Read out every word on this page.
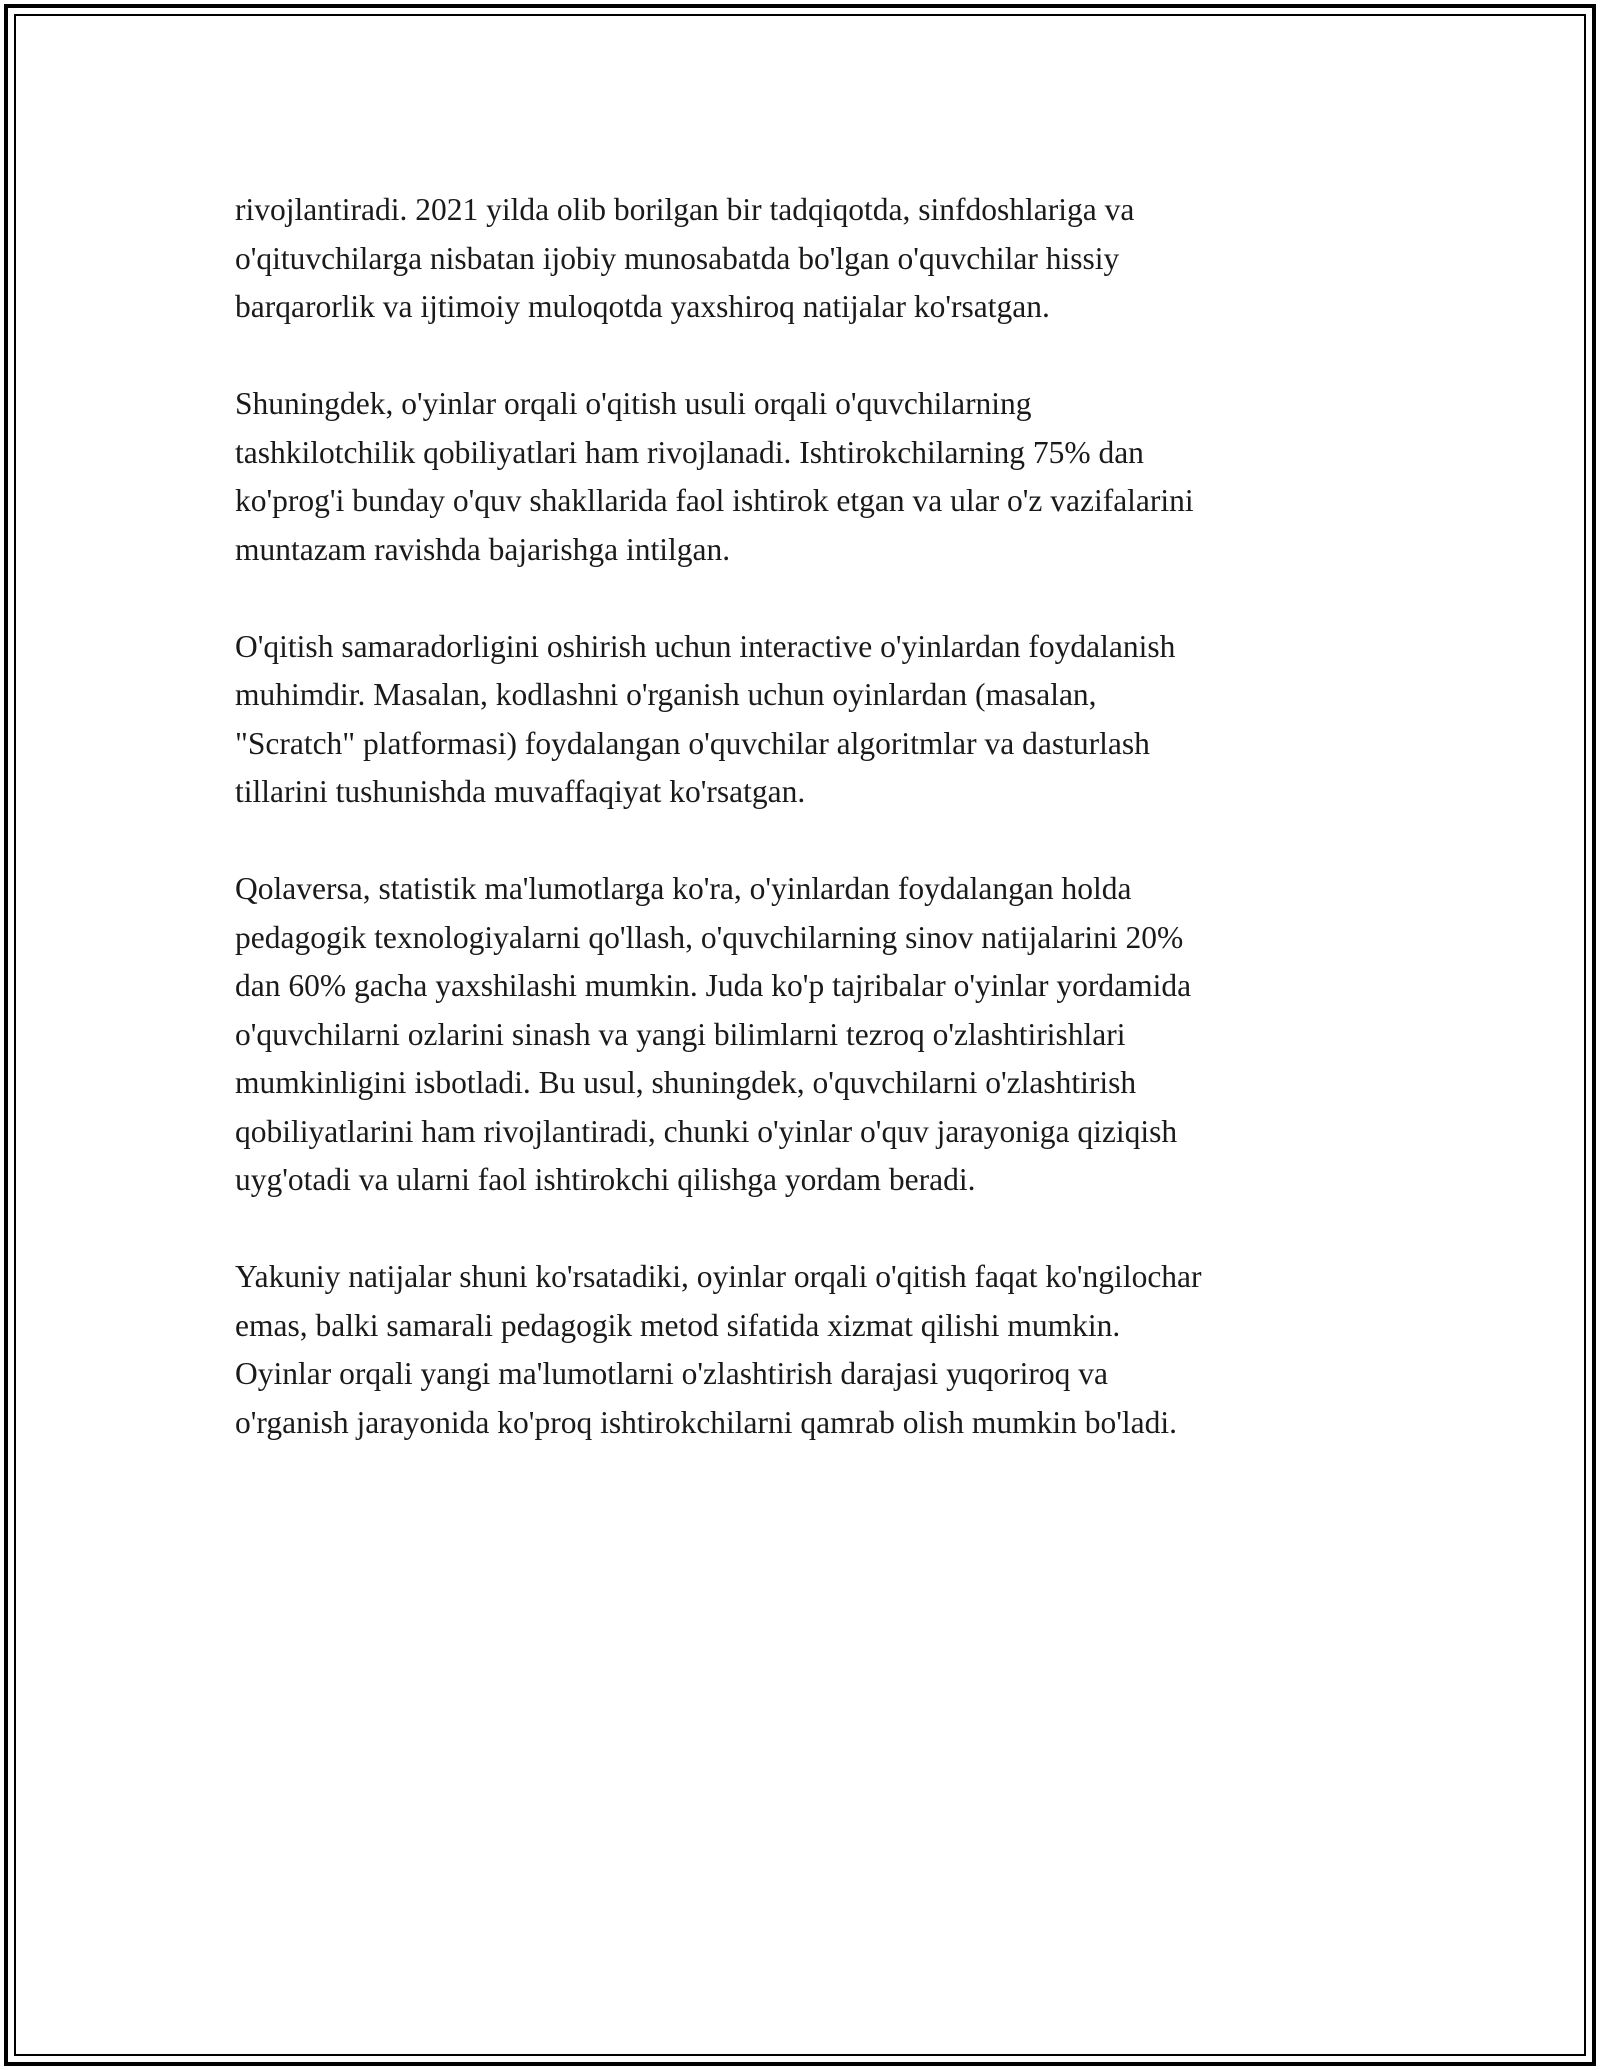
rivojlantiradi. 2021 yilda olib borilgan bir tadqiqotda, sinfdoshlariga va
o'qituvchilarga nisbatan ijobiy munosabatda bo'lgan o'quvchilar hissiy
barqarorlik va ijtimoiy muloqotda yaxshiroq natijalar ko'rsatgan.

Shuningdek, o'yinlar orqali o'qitish usuli orqali o'quvchilarning
tashkilotchilik qobiliyatlari ham rivojlanadi. Ishtirokchilarning 75% dan
ko'prog'i bunday o'quv shakllarida faol ishtirok etgan va ular o'z vazifalarini
muntazam ravishda bajarishga intilgan.

O'qitish samaradorligini oshirish uchun interactive o'yinlardan foydalanish
muhimdir. Masalan, kodlashni o'rganish uchun oyinlardan (masalan,
"Scratch" platformasi) foydalangan o'quvchilar algoritmlar va dasturlash
tillarini tushunishda muvaffaqiyat ko'rsatgan.

Qolaversa, statistik ma'lumotlarga ko'ra, o'yinlardan foydalangan holda
pedagogik texnologiyalarni qo'llash, o'quvchilarning sinov natijalarini 20%
dan 60% gacha yaxshilashi mumkin. Juda ko'p tajribalar o'yinlar yordamida
o'quvchilarni ozlarini sinash va yangi bilimlarni tezroq o'zlashtirishlari
mumkinligini isbotladi. Bu usul, shuningdek, o'quvchilarni o'zlashtirish
qobiliyatlarini ham rivojlantiradi, chunki o'yinlar o'quv jarayoniga qiziqish
uyg'otadi va ularni faol ishtirokchi qilishga yordam beradi.

Yakuniy natijalar shuni ko'rsatadiki, oyinlar orqali o'qitish faqat ko'ngilochar
emas, balki samarali pedagogik metod sifatida xizmat qilishi mumkin.
Oyinlar orqali yangi ma'lumotlarni o'zlashtirish darajasi yuqoriroq va
o'rganish jarayonida ko'proq ishtirokchilarni qamrab olish mumkin bo'ladi.
